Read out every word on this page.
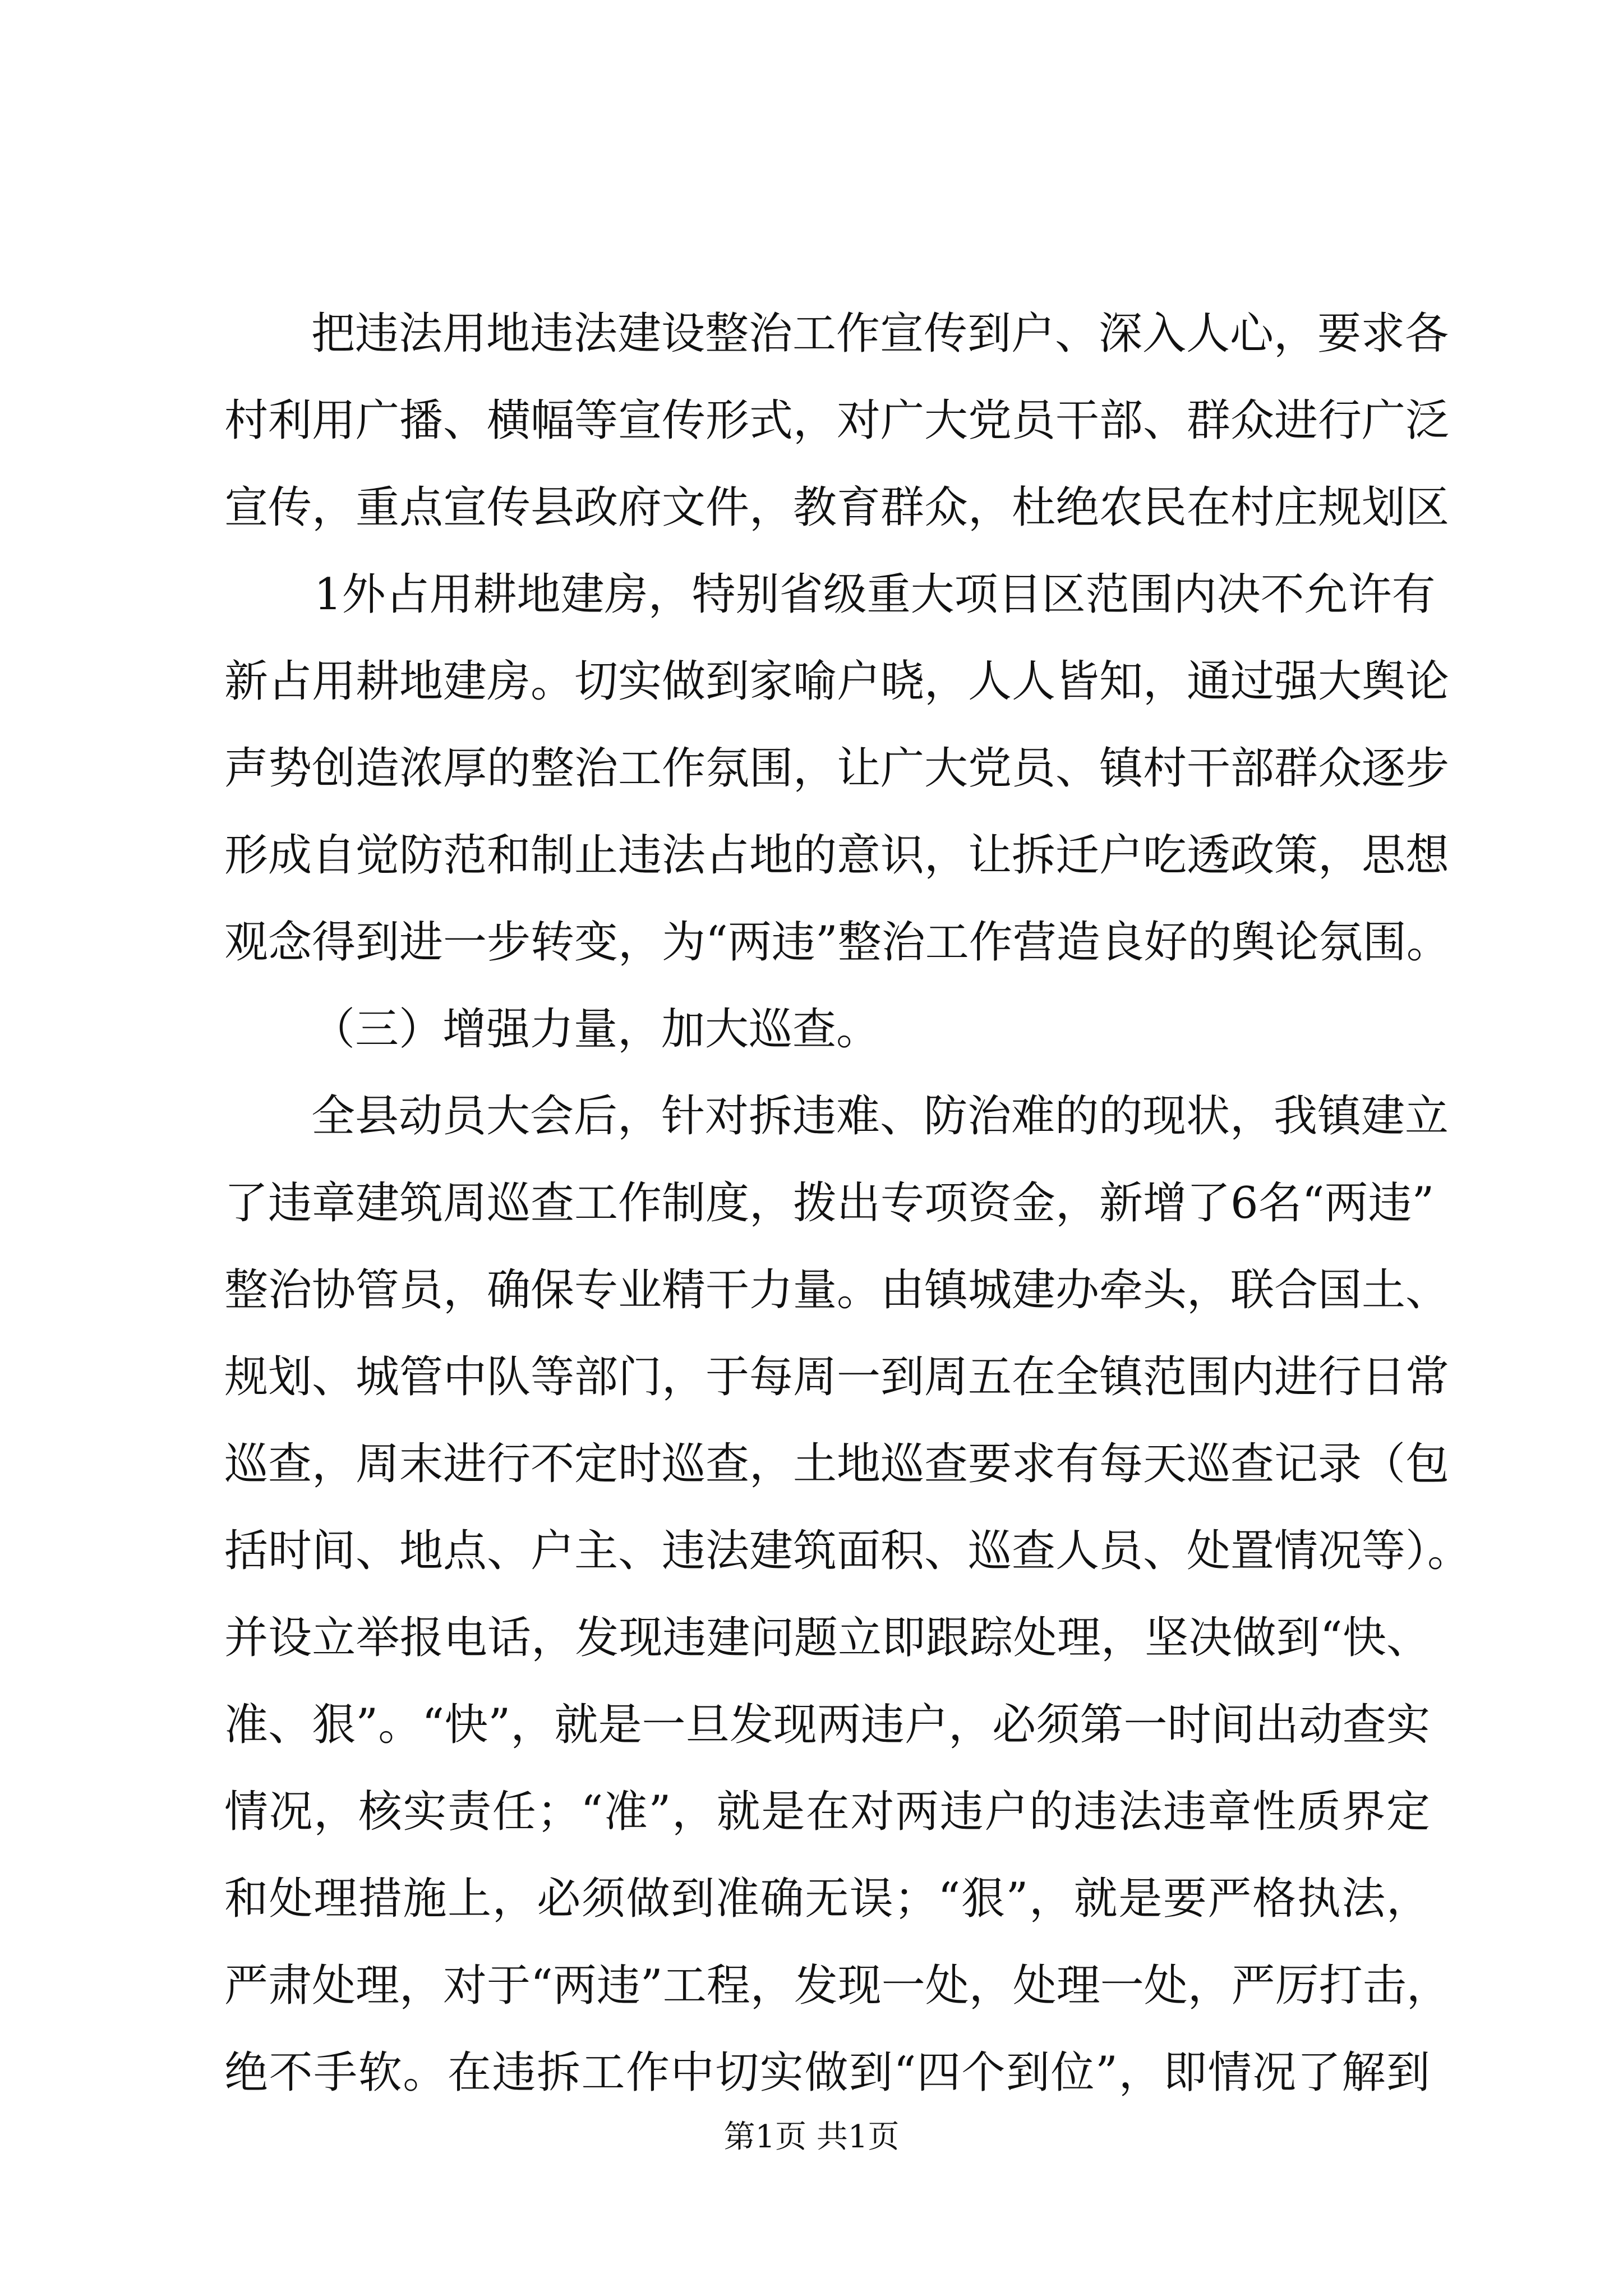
把违法用地违法建设整治工作宣传到户、深入人心，要求各
村利用广播、横幅等宣传形式，对广大党员干部、群众进行广泛
宣传，重点宣传县政府文件，教育群众，杜绝农民在村庄规划区
1外占用耕地建房，特别省级重大项目区范围内决不允许有
新占用耕地建房。切实做到家喻户晓，人人皆知，通过强大舆论
声势创造浓厚的整治工作氛围，让广大党员、镇村干部群众逐步
形成自觉防范和制止违法占地的意识，让拆迁户吃透政策，思想
观念得到进一步转变，为“两违”整治工作营造良好的舆论氛围。
（三）增强力量，加大巡查。
全县动员大会后，针对拆违难、防治难的的现状，我镇建立
了违章建筑周巡查工作制度，拨出专项资金，新增了6名“两违”
整治协管员，确保专业精干力量。由镇城建办牵头，联合国土、
规划、城管中队等部门，于每周一到周五在全镇范围内进行日常
巡查，周末进行不定时巡查，土地巡查要求有每天巡查记录（包
括时间、地点、户主、违法建筑面积、巡查人员、处置情况等）。
并设立举报电话，发现违建问题立即跟踪处理，坚决做到“快、
准、狠”。“快”，就是一旦发现两违户，必须第一时间出动查实
情况，核实责任；“准”，就是在对两违户的违法违章性质界定
和处理措施上，必须做到准确无误；“狠”，就是要严格执法，
严肃处理，对于“两违”工程，发现一处，处理一处，严厉打击，
绝不手软。在违拆工作中切实做到“四个到位”，即情况了解到
第1页 共1页
